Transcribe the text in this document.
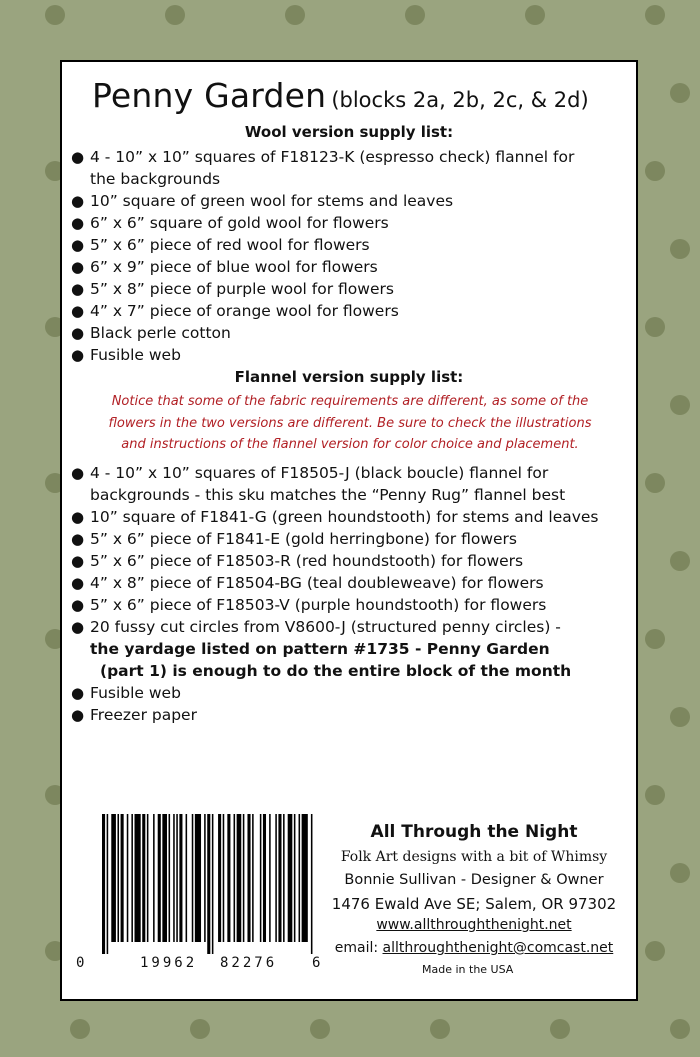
Penny Garden (blocks 2a, 2b, 2c, & 2d)
Wool version supply list:
● 4 - 10” x 10” squares of F18123-K (espresso check) flannel for
the backgrounds
● 10” square of green wool for stems and leaves
● 6” x 6” square of gold wool for flowers
● 5” x 6” piece of red wool for flowers
● 6” x 9” piece of blue wool for flowers
● 5” x 8” piece of purple wool for flowers
● 4” x 7” piece of orange wool for flowers
● Black perle cotton
● Fusible web
Flannel version supply list:
Notice that some of the fabric requirements are different, as some of the
flowers in the two versions are different. Be sure to check the illustrations
and instructions of the flannel version for color choice and placement.
● 4 - 10” x 10” squares of F18505-J (black boucle) flannel for
backgrounds - this sku matches the “Penny Rug” flannel best
● 10” square of F1841-G (green houndstooth) for stems and leaves
● 5” x 6” piece of F1841-E (gold herringbone) for flowers
● 5” x 6” piece of F18503-R (red houndstooth) for flowers
● 4” x 8” piece of F18504-BG (teal doubleweave) for flowers
● 5” x 6” piece of F18503-V (purple houndstooth) for flowers
● 20 fussy cut circles from V8600-J (structured penny circles) -
the yardage listed on pattern #1735 - Penny Garden
(part 1) is enough to do the entire block of the month
● Fusible web
● Freezer paper
0	19962 82276 6
All Through the Night
Folk Art designs with a bit of Whimsy
Bonnie Sullivan - Designer & Owner
1476 Ewald Ave SE; Salem, OR 97302
www.allthroughthenight.net
email: allthroughthenight@comcast.net
Made in the USA
